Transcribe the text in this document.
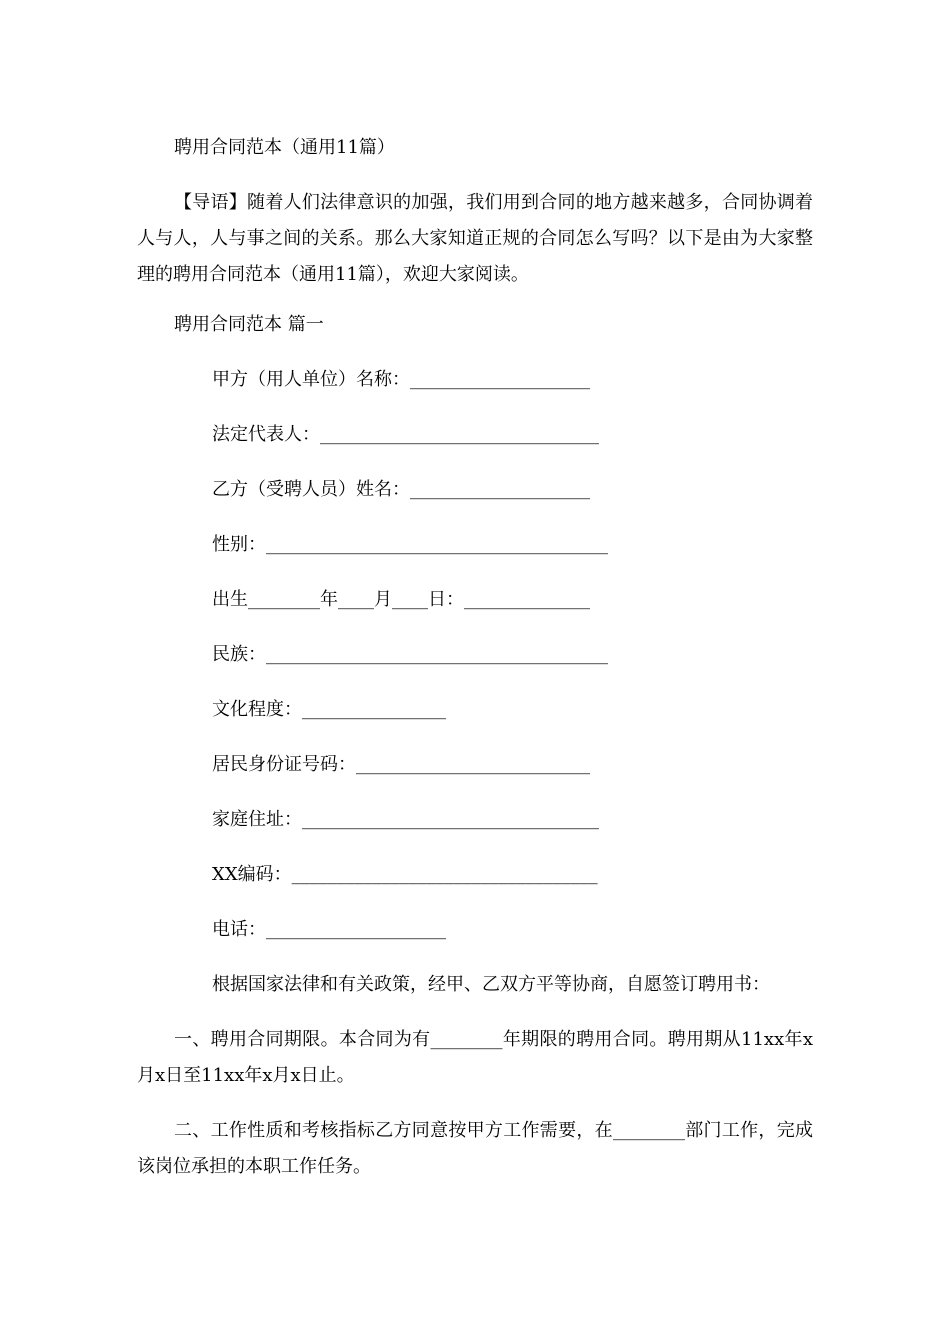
聘用合同范本（通用11篇）
【导语】随着人们法律意识的加强，我们用到合同的地方越来越多，合同协调着人与人，人与事之间的关系。那么大家知道正规的合同怎么写吗？以下是由为大家整理的聘用合同范本（通用11篇），欢迎大家阅读。
聘用合同范本 篇一
甲方（用人单位）名称：____________________
法定代表人：_______________________________
乙方（受聘人员）姓名：____________________
性别：______________________________________
出生________年____月____日：______________
民族：______________________________________
文化程度：________________
居民身份证号码：__________________________
家庭住址：_________________________________
XX编码：__________________________________
电话：____________________
根据国家法律和有关政策，经甲、乙双方平等协商，自愿签订聘用书：
一、聘用合同期限。本合同为有________年期限的聘用合同。聘用期从11xx年x月x日至11xx年x月x日止。
二、工作性质和考核指标乙方同意按甲方工作需要，在________部门工作，完成该岗位承担的本职工作任务。
